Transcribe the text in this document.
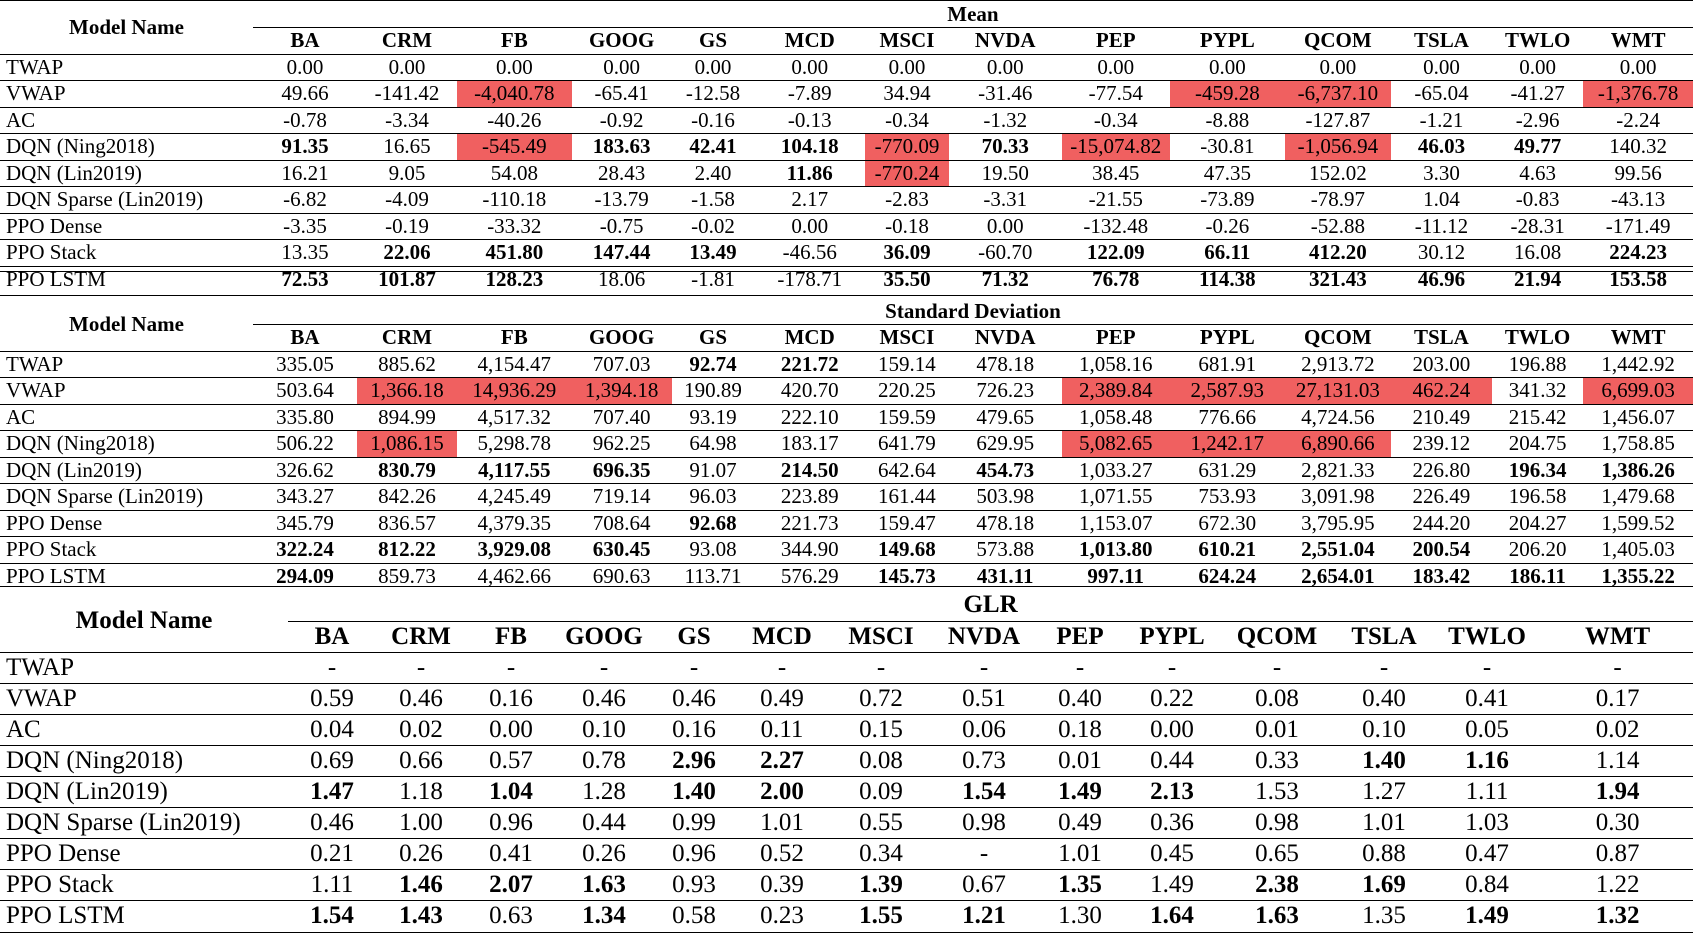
Model Name	Mean													
	BA	CRM	FB	GOOG	GS	MCD	MSCI	NVDA	PEP	PYPL	QCOM	TSLA	TWLO	WMT
TWAP	0.00	0.00	0.00	0.00	0.00	0.00	0.00	0.00	0.00	0.00	0.00	0.00	0.00	0.00
VWAP	49.66	-141.42	-4,040.78	-65.41	-12.58	-7.89	34.94	-31.46	-77.54	-459.28	-6,737.10	-65.04	-41.27	-1,376.78
AC	-0.78	-3.34	-40.26	-0.92	-0.16	-0.13	-0.34	-1.32	-0.34	-8.88	-127.87	-1.21	-2.96	-2.24
DQN (Ning2018)	91.35	16.65	-545.49	183.63	42.41	104.18	-770.09	70.33	-15,074.82	-30.81	-1,056.94	46.03	49.77	140.32
DQN (Lin2019)	16.21	9.05	54.08	28.43	2.40	11.86	-770.24	19.50	38.45	47.35	152.02	3.30	4.63	99.56
DQN Sparse (Lin2019)	-6.82	-4.09	-110.18	-13.79	-1.58	2.17	-2.83	-3.31	-21.55	-73.89	-78.97	1.04	-0.83	-43.13
PPO Dense	-3.35	-0.19	-33.32	-0.75	-0.02	0.00	-0.18	0.00	-132.48	-0.26	-52.88	-11.12	-28.31	-171.49
PPO Stack	13.35	22.06	451.80	147.44	13.49	-46.56	36.09	-60.70	122.09	66.11	412.20	30.12	16.08	224.23
PPO LSTM	72.53	101.87	128.23	18.06	-1.81	-178.71	35.50	71.32	76.78	114.38	321.43	46.96	21.94	153.58
Model Name	Standard Deviation													
	BA	CRM	FB	GOOG	GS	MCD	MSCI	NVDA	PEP	PYPL	QCOM	TSLA	TWLO	WMT
TWAP	335.05	885.62	4,154.47	707.03	92.74	221.72	159.14	478.18	1,058.16	681.91	2,913.72	203.00	196.88	1,442.92
VWAP	503.64	1,366.18	14,936.29	1,394.18	190.89	420.70	220.25	726.23	2,389.84	2,587.93	27,131.03	462.24	341.32	6,699.03
AC	335.80	894.99	4,517.32	707.40	93.19	222.10	159.59	479.65	1,058.48	776.66	4,724.56	210.49	215.42	1,456.07
DQN (Ning2018)	506.22	1,086.15	5,298.78	962.25	64.98	183.17	641.79	629.95	5,082.65	1,242.17	6,890.66	239.12	204.75	1,758.85
DQN (Lin2019)	326.62	830.79	4,117.55	696.35	91.07	214.50	642.64	454.73	1,033.27	631.29	2,821.33	226.80	196.34	1,386.26
DQN Sparse (Lin2019)	343.27	842.26	4,245.49	719.14	96.03	223.89	161.44	503.98	1,071.55	753.93	3,091.98	226.49	196.58	1,479.68
PPO Dense	345.79	836.57	4,379.35	708.64	92.68	221.73	159.47	478.18	1,153.07	672.30	3,795.95	244.20	204.27	1,599.52
PPO Stack	322.24	812.22	3,929.08	630.45	93.08	344.90	149.68	573.88	1,013.80	610.21	2,551.04	200.54	206.20	1,405.03
PPO LSTM	294.09	859.73	4,462.66	690.63	113.71	576.29	145.73	431.11	997.11	624.24	2,654.01	183.42	186.11	1,355.22
Model Name	GLR													
	BA	CRM	FB	GOOG	GS	MCD	MSCI	NVDA	PEP	PYPL	QCOM	TSLA	TWLO	WMT
TWAP	-	-	-	-	-	-	-	-	-	-	-	-	-	-
VWAP	0.59	0.46	0.16	0.46	0.46	0.49	0.72	0.51	0.40	0.22	0.08	0.40	0.41	0.17
AC	0.04	0.02	0.00	0.10	0.16	0.11	0.15	0.06	0.18	0.00	0.01	0.10	0.05	0.02
DQN (Ning2018)	0.69	0.66	0.57	0.78	2.96	2.27	0.08	0.73	0.01	0.44	0.33	1.40	1.16	1.14
DQN (Lin2019)	1.47	1.18	1.04	1.28	1.40	2.00	0.09	1.54	1.49	2.13	1.53	1.27	1.11	1.94
DQN Sparse (Lin2019)	0.46	1.00	0.96	0.44	0.99	1.01	0.55	0.98	0.49	0.36	0.98	1.01	1.03	0.30
PPO Dense	0.21	0.26	0.41	0.26	0.96	0.52	0.34	-	1.01	0.45	0.65	0.88	0.47	0.87
PPO Stack	1.11	1.46	2.07	1.63	0.93	0.39	1.39	0.67	1.35	1.49	2.38	1.69	0.84	1.22
PPO LSTM	1.54	1.43	0.63	1.34	0.58	0.23	1.55	1.21	1.30	1.64	1.63	1.35	1.49	1.32
